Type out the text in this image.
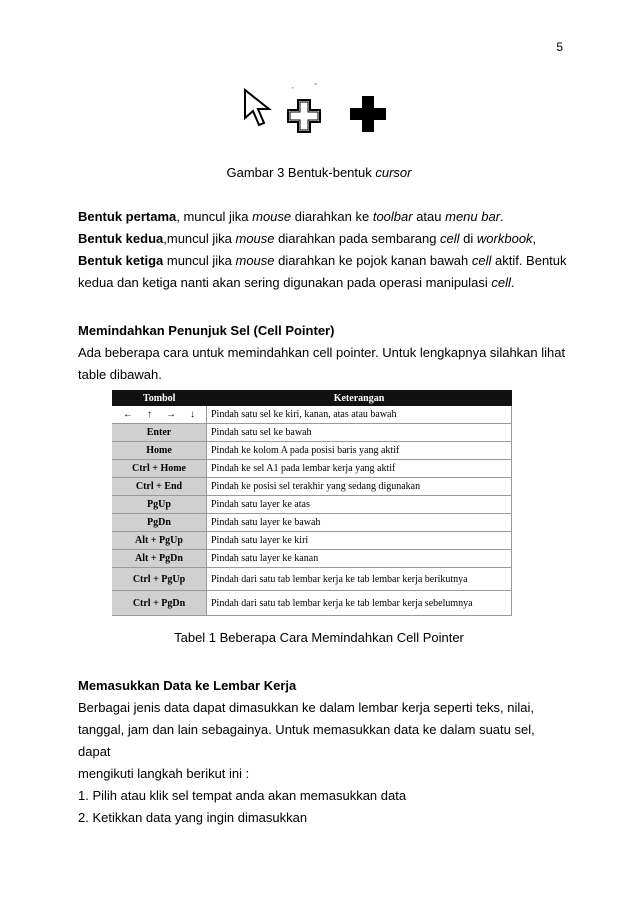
5
,	~
Gambar 3 Bentuk-bentuk cursor
Bentuk pertama, muncul jika mouse diarahkan ke toolbar atau menu bar.
Bentuk kedua,muncul jika mouse diarahkan pada sembarang cell di workbook,
Bentuk ketiga muncul jika mouse diarahkan ke pojok kanan bawah cell aktif. Bentuk kedua dan ketiga nanti akan sering digunakan pada operasi manipulasi cell.
Memindahkan Penunjuk Sel (Cell Pointer)
Ada beberapa cara untuk memindahkan cell pointer. Untuk lengkapnya silahkan lihat table dibawah.
Tombol	Keterangan

← ↑ → ↓	Pindah satu sel ke kiri, kanan, atas atau bawah
Enter	Pindah satu sel ke bawah
Home	Pindah ke kolom A pada posisi baris yang aktif
Ctrl + Home	Pindah ke sel A1 pada lembar kerja yang aktif
Ctrl + End	Pindah ke posisi sel terakhir yang sedang digunakan
PgUp	Pindah satu layer ke atas
PgDn	Pindah satu layer ke bawah
Alt + PgUp	Pindah satu layer ke kiri
Alt + PgDn	Pindah satu layer ke kanan
Ctrl + PgUp	Pindah dari satu tab lembar kerja ke tab lembar kerja berikutnya
Ctrl + PgDn	Pindah dari satu tab lembar kerja ke tab lembar kerja sebelumnya
Tabel 1 Beberapa Cara Memindahkan Cell Pointer
Memasukkan Data ke Lembar Kerja
Berbagai jenis data dapat dimasukkan ke dalam lembar kerja seperti teks, nilai,
tanggal, jam dan lain sebagainya. Untuk memasukkan data ke dalam suatu sel,
dapat
mengikuti langkah berikut ini :
1. Pilih atau klik sel tempat anda akan memasukkan data
2. Ketikkan data yang ingin dimasukkan
